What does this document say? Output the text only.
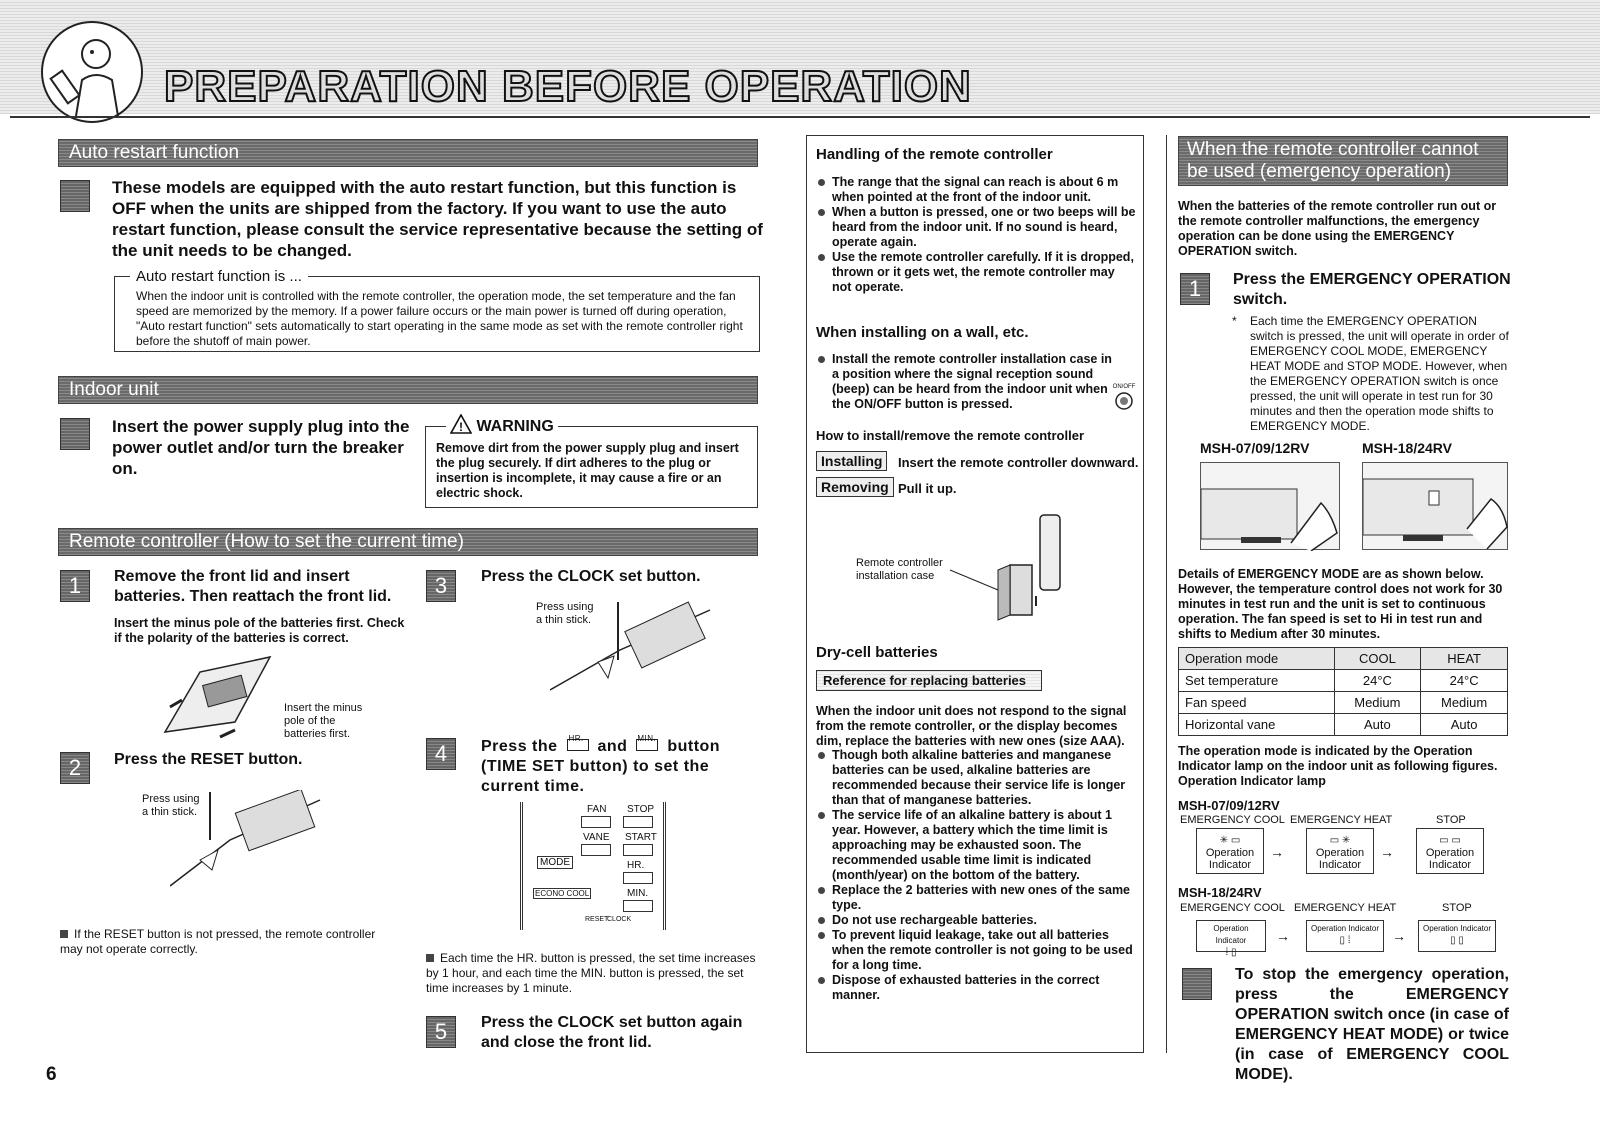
PREPARATION BEFORE OPERATION
Auto restart function
These models are equipped with the auto restart function, but this function is OFF when the units are shipped from the factory. If you want to use the auto restart function, please consult the service representative because the setting of the unit needs to be changed.
Auto restart function is ...
When the indoor unit is controlled with the remote controller, the operation mode, the set temperature and the fan speed are memorized by the memory. If a power failure occurs or the main power is turned off during operation, "Auto restart function" sets automatically to start operating in the same mode as set with the remote controller right before the shutoff of main power.
Indoor unit
Insert the power supply plug into the power outlet and/or turn the breaker on.
! WARNING
Remove dirt from the power supply plug and insert the plug securely. If dirt adheres to the plug or insertion is incomplete, it may cause a fire or an electric shock.
Remote controller (How to set the current time)
1	Remove the front lid and insert batteries. Then reattach the front lid.
Insert the minus pole of the batteries first. Check if the polarity of the batteries is correct.
Insert the minus pole of the batteries first.
2	Press the RESET button.
Press using a thin stick.
If the RESET button is not pressed, the remote controller may not operate correctly.
3	Press the CLOCK set button.
Press using a thin stick.
4	Press the HR. and MIN. button (TIME SET button) to set the current time.
FAN STOP
VANE START
MODE	HR.
ECONO COOL	MIN.
RESET
CLOCK
Each time the HR. button is pressed, the set time increases by 1 hour, and each time the MIN. button is pressed, the set time increases by 1 minute.
5	Press the CLOCK set button again and close the front lid.
6
Handling of the remote controller
The range that the signal can reach is about 6 m when pointed at the front of the indoor unit.
When a button is pressed, one or two beeps will be heard from the indoor unit. If no sound is heard, operate again.
Use the remote controller carefully. If it is dropped, thrown or it gets wet, the remote controller may not operate.
When installing on a wall, etc.
Install the remote controller installation case in a position where the signal reception sound (beep) can be heard from the indoor unit when the ON/OFF button is pressed.
ON/OFF
How to install/remove the remote controller
Installing	Insert the remote controller downward.
Removing Pull it up.
Remote controller installation case
Dry-cell batteries
Reference for replacing batteries
When the indoor unit does not respond to the signal from the remote controller, or the display becomes dim, replace the batteries with new ones (size AAA).
Though both alkaline batteries and manganese batteries can be used, alkaline batteries are recommended because their service life is longer than that of manganese batteries.
The service life of an alkaline battery is about 1 year. However, a battery which the time limit is approaching may be exhausted soon. The recommended usable time limit is indicated (month/year) on the bottom of the battery.
Replace the 2 batteries with new ones of the same type.
Do not use rechargeable batteries.
To prevent liquid leakage, take out all batteries when the remote controller is not going to be used for a long time.
Dispose of exhausted batteries in the correct manner.
When the remote controller cannot be used (emergency operation)
When the batteries of the remote controller run out or the remote controller malfunctions, the emergency operation can be done using the EMERGENCY OPERATION switch.
1	Press the EMERGENCY OPERATION switch.
* Each time the EMERGENCY OPERATION switch is pressed, the unit will operate in order of EMERGENCY COOL MODE, EMERGENCY HEAT MODE and STOP MODE. However, when the EMERGENCY OPERATION switch is once pressed, the unit will operate in test run for 30 minutes and then the operation mode shifts to EMERGENCY MODE.
MSH-07/09/12RV	MSH-18/24RV
Details of EMERGENCY MODE are as shown below. However, the temperature control does not work for 30 minutes in test run and the unit is set to continuous operation. The fan speed is set to Hi in test run and shifts to Medium after 30 minutes.
Operation mode	COOL	HEAT
Set temperature	24°C	24°C
Fan speed	Medium	Medium
Horizontal vane	Auto	Auto
The operation mode is indicated by the Operation Indicator lamp on the indoor unit as following figures.
Operation Indicator lamp
MSH-07/09/12RV
EMERGENCY COOL EMERGENCY HEAT	STOP
✳ ▭
Operation Indicator
→
▭ ✳
Operation Indicator
→
▭ ▭
Operation Indicator
MSH-18/24RV
EMERGENCY COOL EMERGENCY HEAT	STOP
Operation Indicator
⁞ ▯
→	Operation Indicator
▯ ⁞	→	Operation Indicator
▯ ▯
To stop the emergency operation, press the EMERGENCY OPERATION switch once (in case of EMERGENCY HEAT MODE) or twice (in case of EMERGENCY COOL MODE).
